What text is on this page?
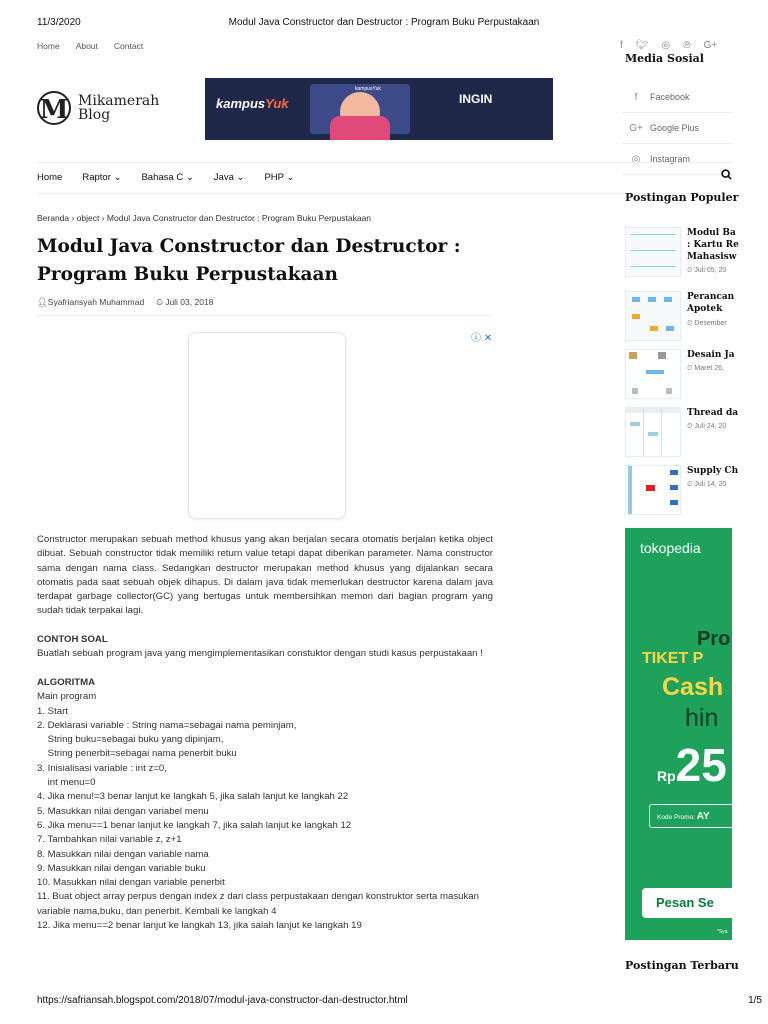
11/3/2020	Modul Java Constructor dan Destructor : Program Buku Perpustakaan
https://safriansah.blogspot.com/2018/07/modul-java-constructor-dan-destructor.html	1/5
Home About Contact	f 🐦︎ ◎ ℗ G+
M Mikamerah
Blog
kampusYuk
kampusYuk
INGIN
Media Sosial
f	Facebook
G+ Google Plus
◎	Instagram
Home Raptor ⌄ Bahasa C ⌄ Java ⌄ PHP ⌄
Beranda › object › Modul Java Constructor dan Destructor : Program Buku Perpustakaan
Modul Java Constructor dan Destructor : Program Buku Perpustakaan
👤︎Syafriansyah Muhammad ⏲︎ Juli 03, 2018
ⓘ ✕

Constructor merupakan sebuah method khusus yang akan berjalan secara otomatis berjalan ketika object dibuat. Sebuah constructor tidak memiliki return value tetapi dapat diberikan parameter. Nama constructor sama dengan nama class. Sedangkan destructor merupakan method khusus yang dijalankan secara otomatis pada saat sebuah objek dihapus. Di dalam java tidak memerlukan destructor karena dalam java terdapat garbage collector(GC) yang bertugas untuk membersihkan memori dari bagian program yang sudah tidak terpakai lagi.

CONTOH SOAL

Buatlah sebuah program java yang mengimplementasikan constuktor dengan studi kasus perpustakaan !

ALGORITMA

Main program

1. Start

2. Deklarasi variable : String nama=sebagai nama peminjam,

String buku=sebagai buku yang dipinjam,

String penerbit=sebagai nama penerbit buku

3. Inisialisasi variable : int z=0,

int menu=0

4. Jika menu!=3 benar lanjut ke langkah 5, jika salah lanjut ke langkah 22

5. Masukkan nilai dengan variabel menu

6. Jika menu==1 benar lanjut ke langkah 7, jika salah lanjut ke langkah 12

7. Tambahkan nilai variable z, z+1

8. Masukkan nilai dengan variable nama

9. Masukkan nilai dengan variable buku

10. Masukkan nilai dengan variable penerbit

11. Buat object array perpus dengan index z dari class perpustakaan dengan konstruktor serta masukan variable nama,buku, dan penerbit. Kembali ke langkah 4

12. Jika menu==2 benar lanjut ke langkah 13, jika salah lanjut ke langkah 19

Postingan Populer
Modul Ba
: Kartu Re
Mahasisw
⏲︎ Juli 05, 20
Perancan
Apotek
⏲︎ Desember
Desain Ja
⏲︎ Maret 26,
Thread da
⏲︎ Juli 24, 20
Supply Ch
⏲︎ Juli 14, 20
tokopedia
Pro
TIKET P
Cash
hin
Rp25
Kode Promo: AY
Pesan Se
*Sya
Postingan Terbaru
